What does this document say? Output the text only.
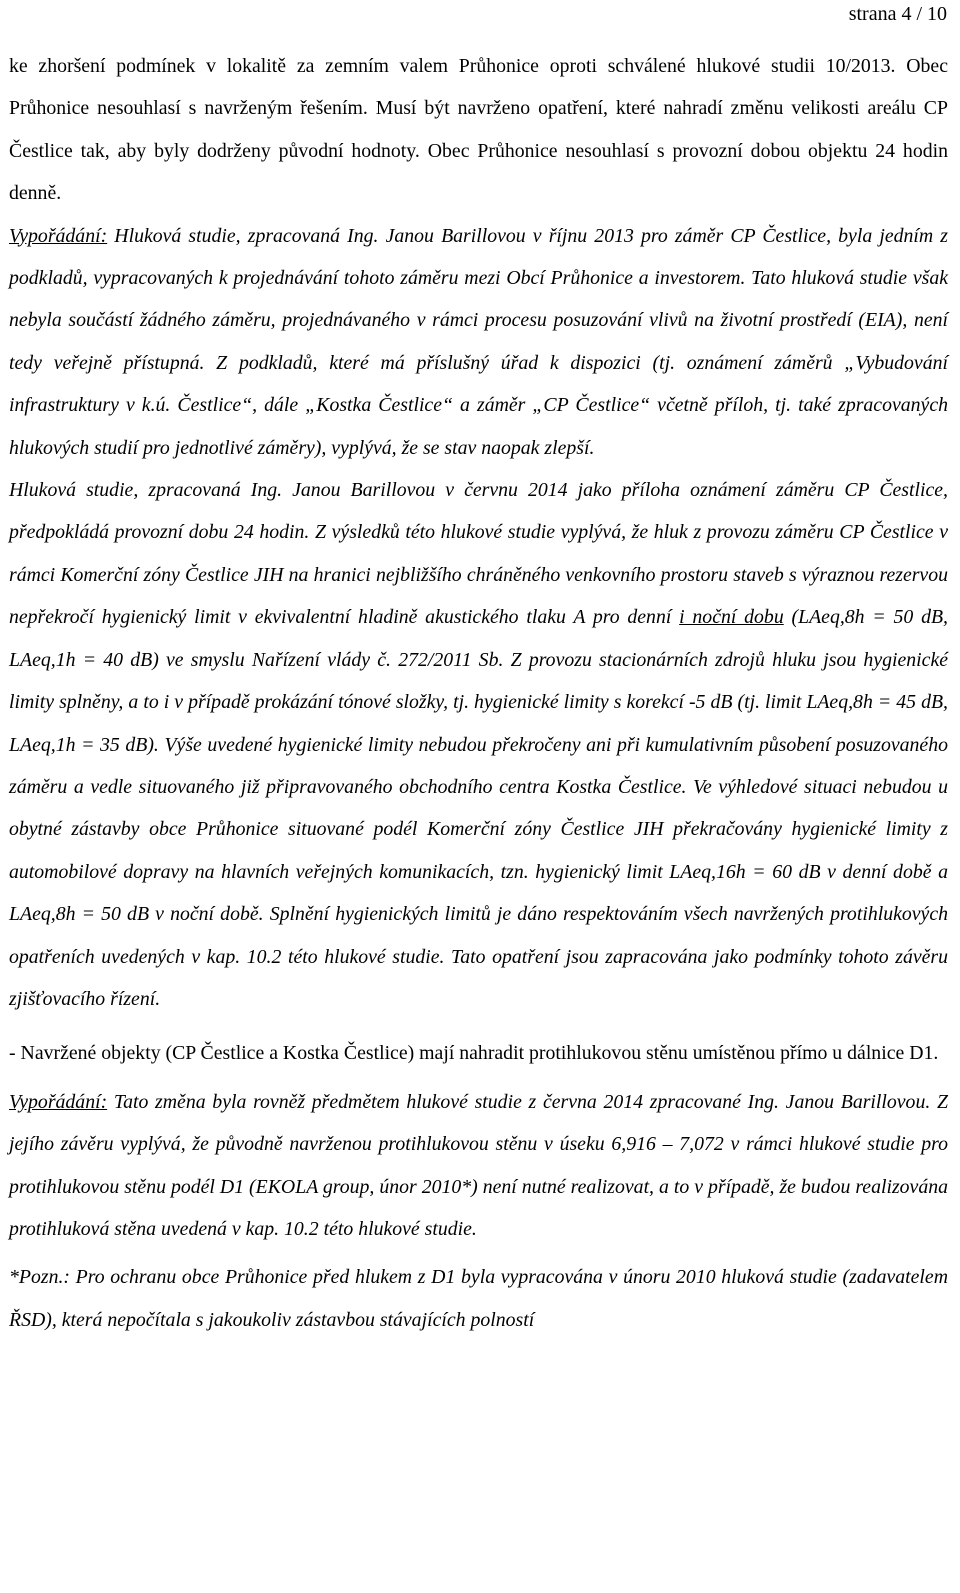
strana 4 / 10

ke zhoršení podmínek v lokalitě za zemním valem Průhonice oproti schválené hlukové studii 10/2013. Obec Průhonice nesouhlasí s navrženým řešením. Musí být navrženo opatření, které nahradí změnu velikosti areálu CP Čestlice tak, aby byly dodrženy původní hodnoty. Obec Průhonice nesouhlasí s provozní dobou objektu 24 hodin denně.

Vypořádání: Hluková studie, zpracovaná Ing. Janou Barillovou v říjnu 2013 pro záměr CP Čestlice, byla jedním z podkladů, vypracovaných k projednávání tohoto záměru mezi Obcí Průhonice a investorem. Tato hluková studie však nebyla součástí žádného záměru, projednávaného v rámci procesu posuzování vlivů na životní prostředí (EIA), není tedy veřejně přístupná. Z podkladů, které má příslušný úřad k dispozici (tj. oznámení záměrů „Vybudování infrastruktury v k.ú. Čestlice“, dále „Kostka Čestlice“ a záměr „CP Čestlice“ včetně příloh, tj. také zpracovaných hlukových studií pro jednotlivé záměry), vyplývá, že se stav naopak zlepší.

Hluková studie, zpracovaná Ing. Janou Barillovou v červnu 2014 jako příloha oznámení záměru CP Čestlice, předpokládá provozní dobu 24 hodin. Z výsledků této hlukové studie vyplývá, že hluk z provozu záměru CP Čestlice v rámci Komerční zóny Čestlice JIH na hranici nejbližšího chráněného venkovního prostoru staveb s výraznou rezervou nepřekročí hygienický limit v ekvivalentní hladině akustického tlaku A pro denní i noční dobu (LAeq,8h = 50 dB, LAeq,1h = 40 dB) ve smyslu Nařízení vlády č. 272/2011 Sb. Z provozu stacionárních zdrojů hluku jsou hygienické limity splněny, a to i v případě prokázání tónové složky, tj. hygienické limity s korekcí -5 dB (tj. limit LAeq,8h = 45 dB, LAeq,1h = 35 dB). Výše uvedené hygienické limity nebudou překročeny ani při kumulativním působení posuzovaného záměru a vedle situovaného již připravovaného obchodního centra Kostka Čestlice. Ve výhledové situaci nebudou u obytné zástavby obce Průhonice situované podél Komerční zóny Čestlice JIH překračovány hygienické limity z automobilové dopravy na hlavních veřejných komunikacích, tzn. hygienický limit LAeq,16h = 60 dB v denní době a LAeq,8h = 50 dB v noční době. Splnění hygienických limitů je dáno respektováním všech navržených protihlukových opatřeních uvedených v kap. 10.2 této hlukové studie. Tato opatření jsou zapracována jako podmínky tohoto závěru zjišťovacího řízení.

- Navržené objekty (CP Čestlice a Kostka Čestlice) mají nahradit protihlukovou stěnu umístěnou přímo u dálnice D1.

Vypořádání: Tato změna byla rovněž předmětem hlukové studie z června 2014 zpracované Ing. Janou Barillovou. Z jejího závěru vyplývá, že původně navrženou protihlukovou stěnu v úseku 6,916 – 7,072 v rámci hlukové studie pro protihlukovou stěnu podél D1 (EKOLA group, únor 2010*) není nutné realizovat, a to v případě, že budou realizována protihluková stěna uvedená v kap. 10.2 této hlukové studie.

*Pozn.: Pro ochranu obce Průhonice před hlukem z D1 byla vypracována v únoru 2010 hluková studie (zadavatelem ŘSD), která nepočítala s jakoukoliv zástavbou stávajících polností
